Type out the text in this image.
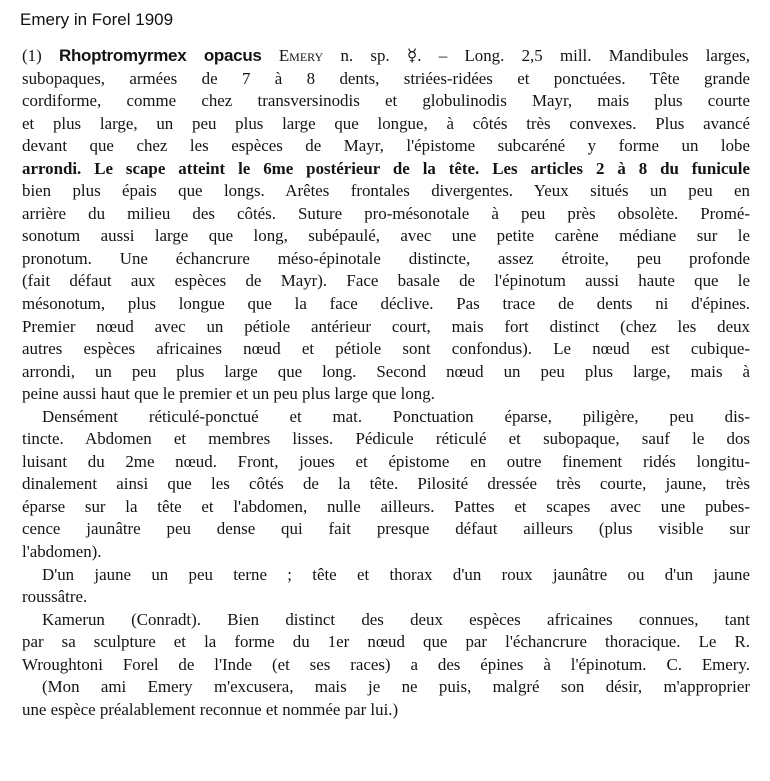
Emery in Forel 1909

(1) Rhoptromyrmex opacus Emery n. sp. ☿. – Long. 2,5 mill. Mandibules larges,
subopaques, armées de 7 à 8 dents, striées-ridées et ponctuées. Tête grande
cordiforme, comme chez transversinodis et globulinodis Mayr, mais plus courte
et plus large, un peu plus large que longue, à côtés très convexes. Plus avancé
devant que chez les espèces de Mayr, l'épistome subcaréné y forme un lobe
arrondi. Le scape atteint le 6me postérieur de la tête. Les articles 2 à 8 du funicule
bien plus épais que longs. Arêtes frontales divergentes. Yeux situés un peu en
arrière du milieu des côtés. Suture pro-mésonotale à peu près obsolète. Promé-
sonotum aussi large que long, subépaulé, avec une petite carène médiane sur le
pronotum. Une échancrure méso-épinotale distincte, assez étroite, peu profonde
(fait défaut aux espèces de Mayr). Face basale de l'épinotum aussi haute que le
mésonotum, plus longue que la face déclive. Pas trace de dents ni d'épines.
Premier nœud avec un pétiole antérieur court, mais fort distinct (chez les deux
autres espèces africaines nœud et pétiole sont confondus). Le nœud est cubique-
arrondi, un peu plus large que long. Second nœud un peu plus large, mais à
peine aussi haut que le premier et un peu plus large que long.

Densément réticulé-ponctué et mat. Ponctuation éparse, piligère, peu dis-
tincte. Abdomen et membres lisses. Pédicule réticulé et subopaque, sauf le dos
luisant du 2me nœud. Front, joues et épistome en outre finement ridés longitu-
dinalement ainsi que les côtés de la tête. Pilosité dressée très courte, jaune, très
éparse sur la tête et l'abdomen, nulle ailleurs. Pattes et scapes avec une pubes-
cence jaunâtre peu dense qui fait presque défaut ailleurs (plus visible sur
l'abdomen).

D'un jaune un peu terne ; tête et thorax d'un roux jaunâtre ou d'un jaune
roussâtre.

Kamerun (Conradt). Bien distinct des deux espèces africaines connues, tant
par sa sculpture et la forme du 1er nœud que par l'échancrure thoracique. Le R.
Wroughtoni Forel de l'Inde (et ses races) a des épines à l'épinotum. C. Emery.

(Mon ami Emery m'excusera, mais je ne puis, malgré son désir, m'approprier
une espèce préalablement reconnue et nommée par lui.)
